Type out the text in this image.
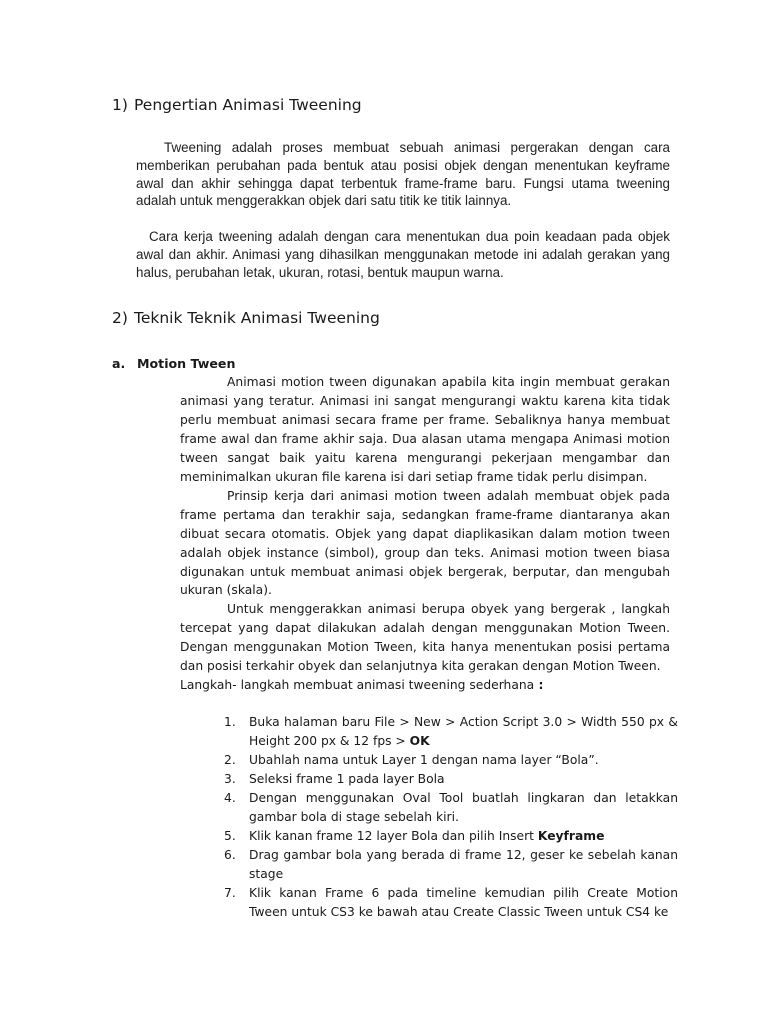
1) Pengertian Animasi Tweening

Tweening adalah proses membuat sebuah animasi pergerakan dengan cara memberikan perubahan pada bentuk atau posisi objek dengan menentukan keyframe awal dan akhir sehingga dapat terbentuk frame-frame baru. Fungsi utama tweening adalah untuk menggerakkan objek dari satu titik ke titik lainnya.

Cara kerja tweening adalah dengan cara menentukan dua poin keadaan pada objek awal dan akhir. Animasi yang dihasilkan menggunakan metode ini adalah gerakan yang halus, perubahan letak, ukuran, rotasi, bentuk maupun warna.

2) Teknik Teknik Animasi Tweening
a. Motion Tween

Animasi motion tween digunakan apabila kita ingin membuat gerakan animasi yang teratur. Animasi ini sangat mengurangi waktu karena kita tidak perlu membuat animasi secara frame per frame. Sebaliknya hanya membuat frame awal dan frame akhir saja. Dua alasan utama mengapa Animasi motion tween sangat baik yaitu karena mengurangi pekerjaan mengambar dan meminimalkan ukuran file karena isi dari setiap frame tidak perlu disimpan.

Prinsip kerja dari animasi motion tween adalah membuat objek pada frame pertama dan terakhir saja, sedangkan frame-frame diantaranya akan dibuat secara otomatis. Objek yang dapat diaplikasikan dalam motion tween adalah objek instance (simbol), group dan teks. Animasi motion tween biasa digunakan untuk membuat animasi objek bergerak, berputar, dan mengubah ukuran (skala).

Untuk menggerakkan animasi berupa obyek yang bergerak , langkah tercepat yang dapat dilakukan adalah dengan menggunakan Motion Tween. Dengan menggunakan Motion Tween, kita hanya menentukan posisi pertama dan posisi terkahir obyek dan selanjutnya kita gerakan dengan Motion Tween.

Langkah- langkah membuat animasi tweening sederhana :
1.	Buka halaman baru File > New > Action Script 3.0 > Width 550 px & Height 200 px & 12 fps > OK
2.	Ubahlah nama untuk Layer 1 dengan nama layer “Bola”.
3.	Seleksi frame 1 pada layer Bola
4.	Dengan menggunakan Oval Tool buatlah lingkaran dan letakkan gambar bola di stage sebelah kiri.
5.	Klik kanan frame 12 layer Bola dan pilih Insert Keyframe
6.	Drag gambar bola yang berada di frame 12, geser ke sebelah kanan stage
7.	Klik kanan Frame 6 pada timeline kemudian pilih Create Motion Tween untuk CS3 ke bawah atau Create Classic Tween untuk CS4 ke
